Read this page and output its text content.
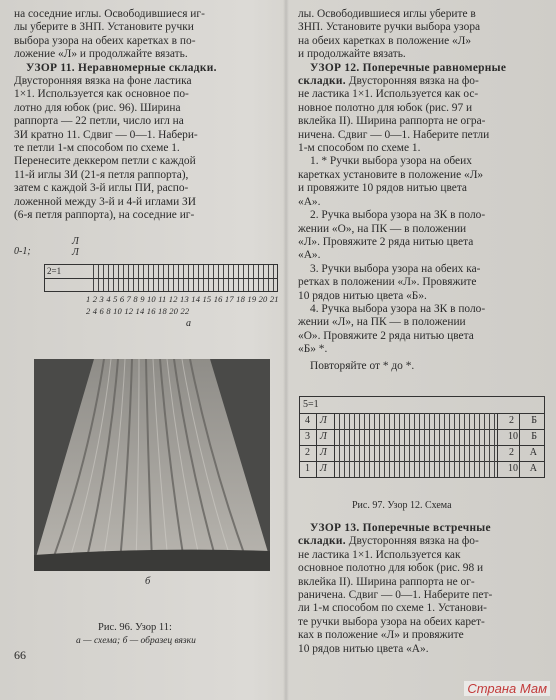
на соседние иглы. Освободившиеся иг-

лы уберите в ЗНП. Установите ручки

выбора узора на обеих каретках в по-

ложение «Л» и продолжайте вязать.

УЗОР 11. Неравномерные складки.

Двусторонняя вязка на фоне ластика

1×1. Используется как основное по-

лотно для юбок (рис. 96). Ширина

раппорта — 22 петли, число игл на

ЗИ кратно 11. Сдвиг — 0—1. Набери-

те петли 1-м способом по схеме 1.

Перенесите деккером петли с каждой

11-й иглы ЗИ (21-я петля раппорта),

затем с каждой 3-й иглы ПИ, распо-

ложенной между 3-й и 4-й иглами ЗИ

(6-я петля раппорта), на соседние иг-

0-1;
Л
Л
2=1
1 2 3 4 5 6 7 8 9 10 11 12 13 14 15 16 17 18 19 20 21
2 4 6 8 10 12 14 16 18 20 22
а
б
Рис. 96. Узор 11:
а — схема; б — образец вязки
66

лы. Освободившиеся иглы уберите в

ЗНП. Установите ручки выбора узора

на обеих каретках в положение «Л»

и продолжайте вязать.

УЗОР 12. Поперечные равномерные

складки. Двусторонняя вязка на фо-

не ластика 1×1. Используется как ос-

новное полотно для юбок (рис. 97 и

вклейка II). Ширина раппорта не огра-

ничена. Сдвиг — 0—1. Наберите петли

1-м способом по схеме 1.

1. * Ручки выбора узора на обеих

каретках установите в положение «Л»

и провяжите 10 рядов нитью цвета

«А».

2. Ручка выбора узора на ЗК в поло-

жении «О», на ПК — в положении

«Л». Провяжите 2 ряда нитью цвета

«А».

3. Ручки выбора узора на обеих ка-

ретках в положении «Л». Провяжите

10 рядов нитью цвета «Б».

4. Ручка выбора узора на ЗК в поло-

жении «Л», на ПК — в положении

«О». Провяжите 2 ряда нитью цвета

«Б» *.

Повторяйте от * до *.

5=1
4 Л	2 Б
3 Л	10 Б
2 Л	2 А
1 Л	10 А
Рис. 97. Узор 12. Схема

УЗОР 13. Поперечные встречные

складки. Двусторонняя вязка на фо-

не ластика 1×1. Используется как

основное полотно для юбок (рис. 98 и

вклейка II). Ширина раппорта не ог-

раничена. Сдвиг — 0—1. Наберите пет-

ли 1-м способом по схеме 1. Установи-

те ручки выбора узора на обеих карет-

ках в положение «Л» и провяжите

10 рядов нитью цвета «А».

Страна Мам
